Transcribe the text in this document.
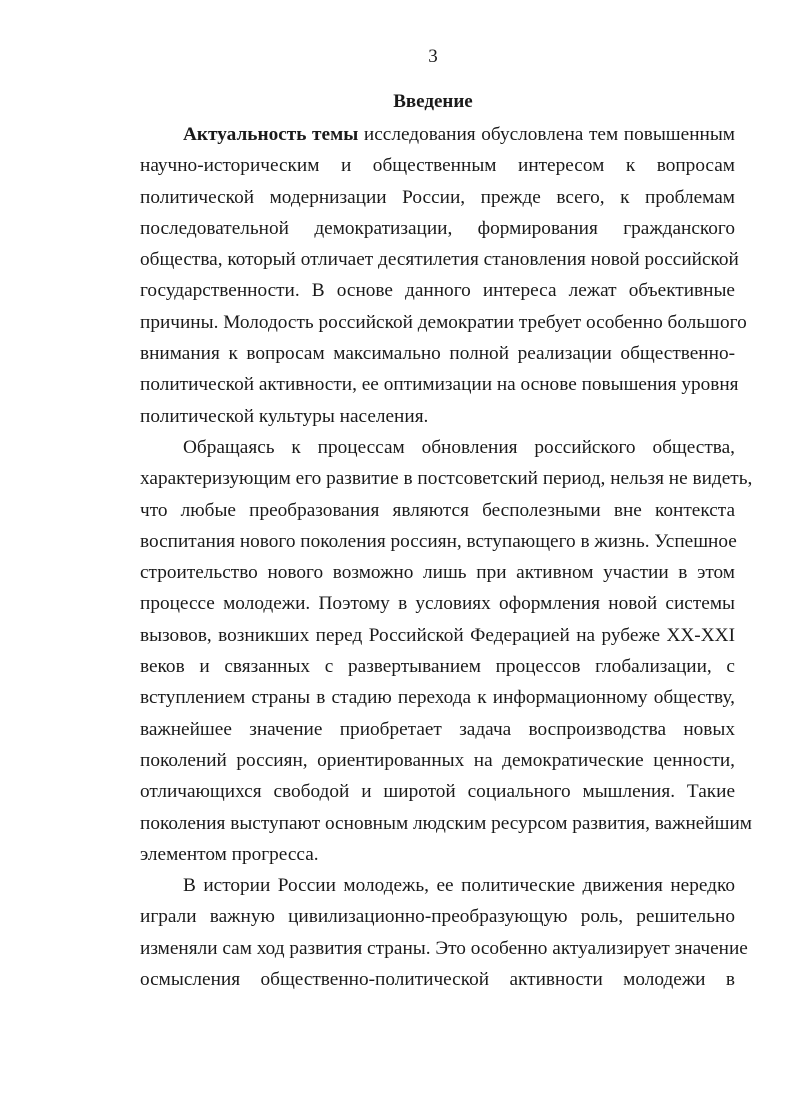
3
Введение
Актуальность темы исследования обусловлена тем повышенным
научно-историческим и общественным интересом к вопросам
политической модернизации России, прежде всего, к проблемам
последовательной демократизации, формирования гражданского
общества, который отличает десятилетия становления новой российской
государственности. В основе данного интереса лежат объективные
причины. Молодость российской демократии требует особенно большого
внимания к вопросам максимально полной реализации общественно-
политической активности, ее оптимизации на основе повышения уровня
политической культуры населения.
Обращаясь к процессам обновления российского общества,
характеризующим его развитие в постсоветский период, нельзя не видеть,
что любые преобразования являются бесполезными вне контекста
воспитания нового поколения россиян, вступающего в жизнь. Успешное
строительство нового возможно лишь при активном участии в этом
процессе молодежи. Поэтому в условиях оформления новой системы
вызовов, возникших перед Российской Федерацией на рубеже XX-XXI
веков и связанных с развертыванием процессов глобализации, с
вступлением страны в стадию перехода к информационному обществу,
важнейшее значение приобретает задача воспроизводства новых
поколений россиян, ориентированных на демократические ценности,
отличающихся свободой и широтой социального мышления. Такие
поколения выступают основным людским ресурсом развития, важнейшим
элементом прогресса.
В истории России молодежь, ее политические движения нередко
играли важную цивилизационно-преобразующую роль, решительно
изменяли сам ход развития страны. Это особенно актуализирует значение
осмысления общественно-политической активности молодежи в
